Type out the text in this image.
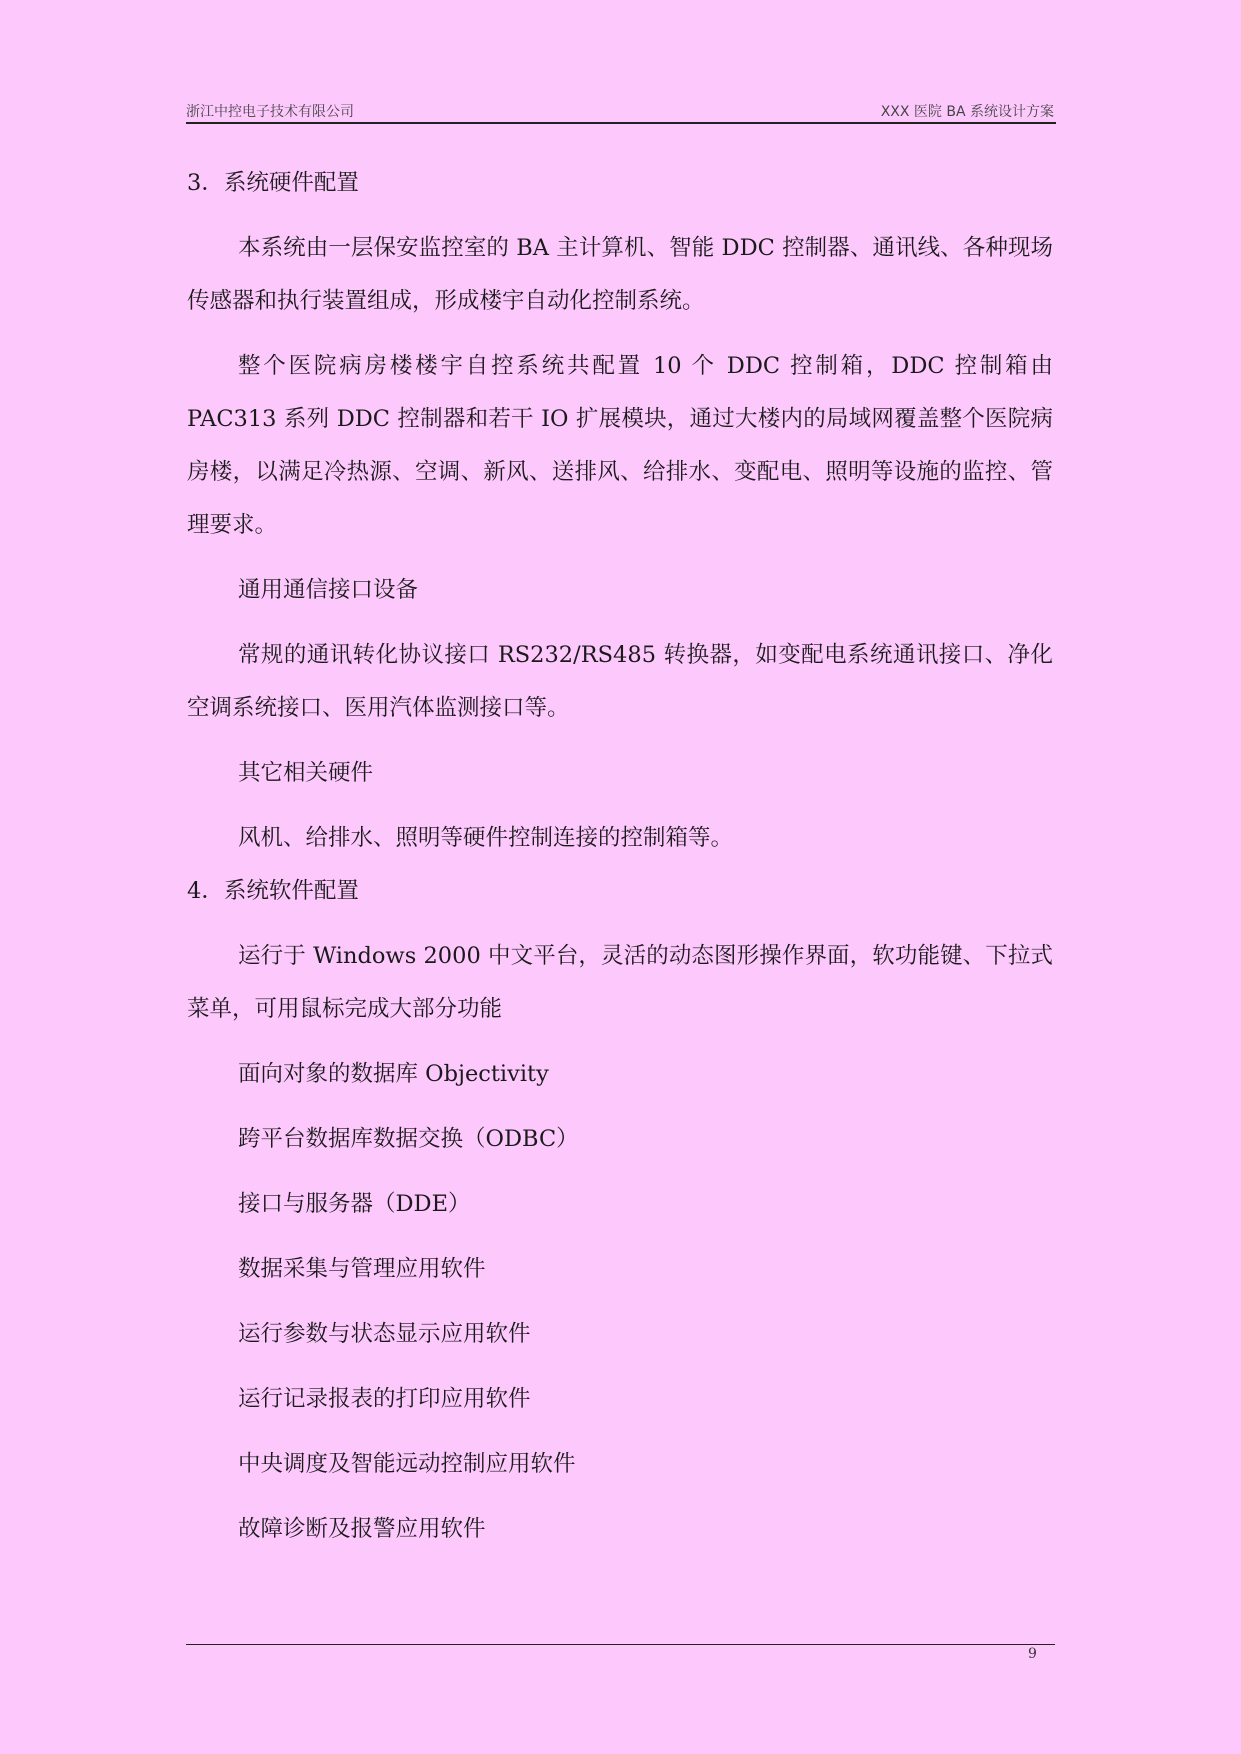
浙江中控电子技术有限公司	XXX 医院 BA 系统设计方案

3．系统硬件配置

本系统由一层保安监控室的 BA 主计算机、智能 DDC 控制器、通讯线、各种现场传感器和执行装置组成，形成楼宇自动化控制系统。

整个医院病房楼楼宇自控系统共配置 10 个 DDC 控制箱，DDC 控制箱由 PAC313 系列 DDC 控制器和若干 IO 扩展模块，通过大楼内的局域网覆盖整个医院病房楼，以满足冷热源、空调、新风、送排风、给排水、变配电、照明等设施的监控、管理要求。

通用通信接口设备

常规的通讯转化协议接口 RS232/RS485 转换器，如变配电系统通讯接口、净化空调系统接口、医用汽体监测接口等。

其它相关硬件

风机、给排水、照明等硬件控制连接的控制箱等。

4．系统软件配置

运行于 Windows 2000 中文平台，灵活的动态图形操作界面，软功能键、下拉式菜单，可用鼠标完成大部分功能

面向对象的数据库 Objectivity

跨平台数据库数据交换（ODBC）

接口与服务器（DDE）

数据采集与管理应用软件

运行参数与状态显示应用软件

运行记录报表的打印应用软件

中央调度及智能远动控制应用软件

故障诊断及报警应用软件

9
